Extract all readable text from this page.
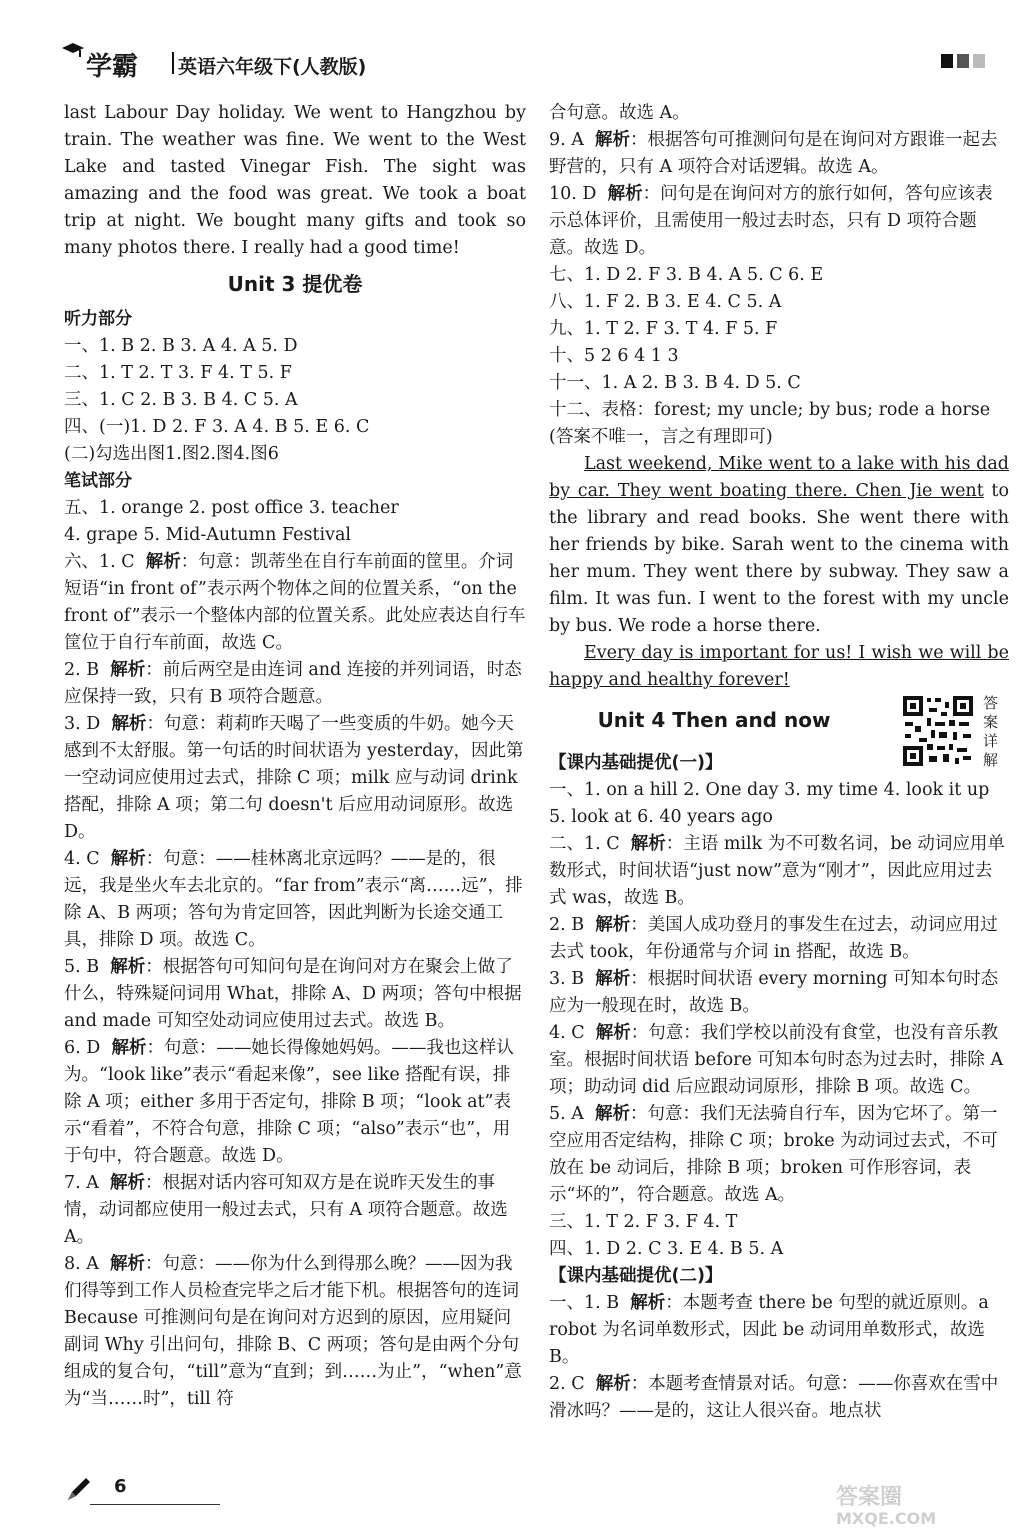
学霸 英语六年级下(人教版)

last Labour Day holiday. We went to Hangzhou by train. The weather was fine. We went to the West Lake and tasted Vinegar Fish. The sight was amazing and the food was great. We took a boat trip at night. We bought many gifts and took so many photos there. I really had a good time!

Unit 3 提优卷

听力部分

一、1. B 2. B 3. A 4. A 5. D

二、1. T 2. T 3. F 4. T 5. F

三、1. C 2. B 3. B 4. C 5. A

四、(一)1. D 2. F 3. A 4. B 5. E 6. C

(二)勾选出图1.图2.图4.图6

笔试部分

五、1. orange 2. post office 3. teacher

4. grape 5. Mid-Autumn Festival

六、1. C 解析：句意：凯蒂坐在自行车前面的筐里。介词短语“in front of”表示两个物体之间的位置关系，“on the front of”表示一个整体内部的位置关系。此处应表达自行车筐位于自行车前面，故选 C。

2. B 解析：前后两空是由连词 and 连接的并列词语，时态应保持一致，只有 B 项符合题意。

3. D 解析：句意：莉莉昨天喝了一些变质的牛奶。她今天感到不太舒服。第一句话的时间状语为 yesterday，因此第一空动词应使用过去式，排除 C 项；milk 应与动词 drink 搭配，排除 A 项；第二句 doesn't 后应用动词原形。故选 D。

4. C 解析：句意：——桂林离北京远吗？——是的，很远，我是坐火车去北京的。“far from”表示“离……远”，排除 A、B 两项；答句为肯定回答，因此判断为长途交通工具，排除 D 项。故选 C。

5. B 解析：根据答句可知问句是在询问对方在聚会上做了什么，特殊疑问词用 What，排除 A、D 两项；答句中根据 and made 可知空处动词应使用过去式。故选 B。

6. D 解析：句意：——她长得像她妈妈。——我也这样认为。“look like”表示“看起来像”，see like 搭配有误，排除 A 项；either 多用于否定句，排除 B 项；“look at”表示“看着”，不符合句意，排除 C 项；“also”表示“也”，用于句中，符合题意。故选 D。

7. A 解析：根据对话内容可知双方是在说昨天发生的事情，动词都应使用一般过去式，只有 A 项符合题意。故选 A。

8. A 解析：句意：——你为什么到得那么晚？——因为我们得等到工作人员检查完毕之后才能下机。根据答句的连词 Because 可推测问句是在询问对方迟到的原因，应用疑问副词 Why 引出问句，排除 B、C 两项；答句是由两个分句组成的复合句，“till”意为“直到；到……为止”，“when”意为“当……时”，till 符

合句意。故选 A。

9. A 解析：根据答句可推测问句是在询问对方跟谁一起去野营的，只有 A 项符合对话逻辑。故选 A。

10. D 解析：问句是在询问对方的旅行如何，答句应该表示总体评价，且需使用一般过去时态，只有 D 项符合题意。故选 D。

七、1. D 2. F 3. B 4. A 5. C 6. E

八、1. F 2. B 3. E 4. C 5. A

九、1. T 2. F 3. T 4. F 5. F

十、5 2 6 4 1 3

十一、1. A 2. B 3. B 4. D 5. C

十二、表格：forest; my uncle; by bus; rode a horse

(答案不唯一，言之有理即可)

Last weekend, Mike went to a lake with his dad by car. They went boating there. Chen Jie went to the library and read books. She went there with her friends by bike. Sarah went to the cinema with her mum. They went there by subway. They saw a film. It was fun. I went to the forest with my uncle by bus. We rode a horse there.

Every day is important for us! I wish we will be happy and healthy forever!

Unit 4 Then and now

答案详解

【课内基础提优(一)】

一、1. on a hill 2. One day 3. my time 4. look it up 5. look at 6. 40 years ago

二、1. C 解析：主语 milk 为不可数名词，be 动词应用单数形式，时间状语“just now”意为“刚才”，因此应用过去式 was，故选 B。

2. B 解析：美国人成功登月的事发生在过去，动词应用过去式 took，年份通常与介词 in 搭配，故选 B。

3. B 解析：根据时间状语 every morning 可知本句时态应为一般现在时，故选 B。

4. C 解析：句意：我们学校以前没有食堂，也没有音乐教室。根据时间状语 before 可知本句时态为过去时，排除 A 项；助动词 did 后应跟动词原形，排除 B 项。故选 C。

5. A 解析：句意：我们无法骑自行车，因为它坏了。第一空应用否定结构，排除 C 项；broke 为动词过去式，不可放在 be 动词后，排除 B 项；broken 可作形容词，表示“坏的”，符合题意。故选 A。

三、1. T 2. F 3. F 4. T

四、1. D 2. C 3. E 4. B 5. A

【课内基础提优(二)】

一、1. B 解析：本题考查 there be 句型的就近原则。a robot 为名词单数形式，因此 be 动词用单数形式，故选 B。

2. C 解析：本题考查情景对话。句意：——你喜欢在雪中滑冰吗？——是的，这让人很兴奋。地点状

6	答案圈
MXQE.COM
